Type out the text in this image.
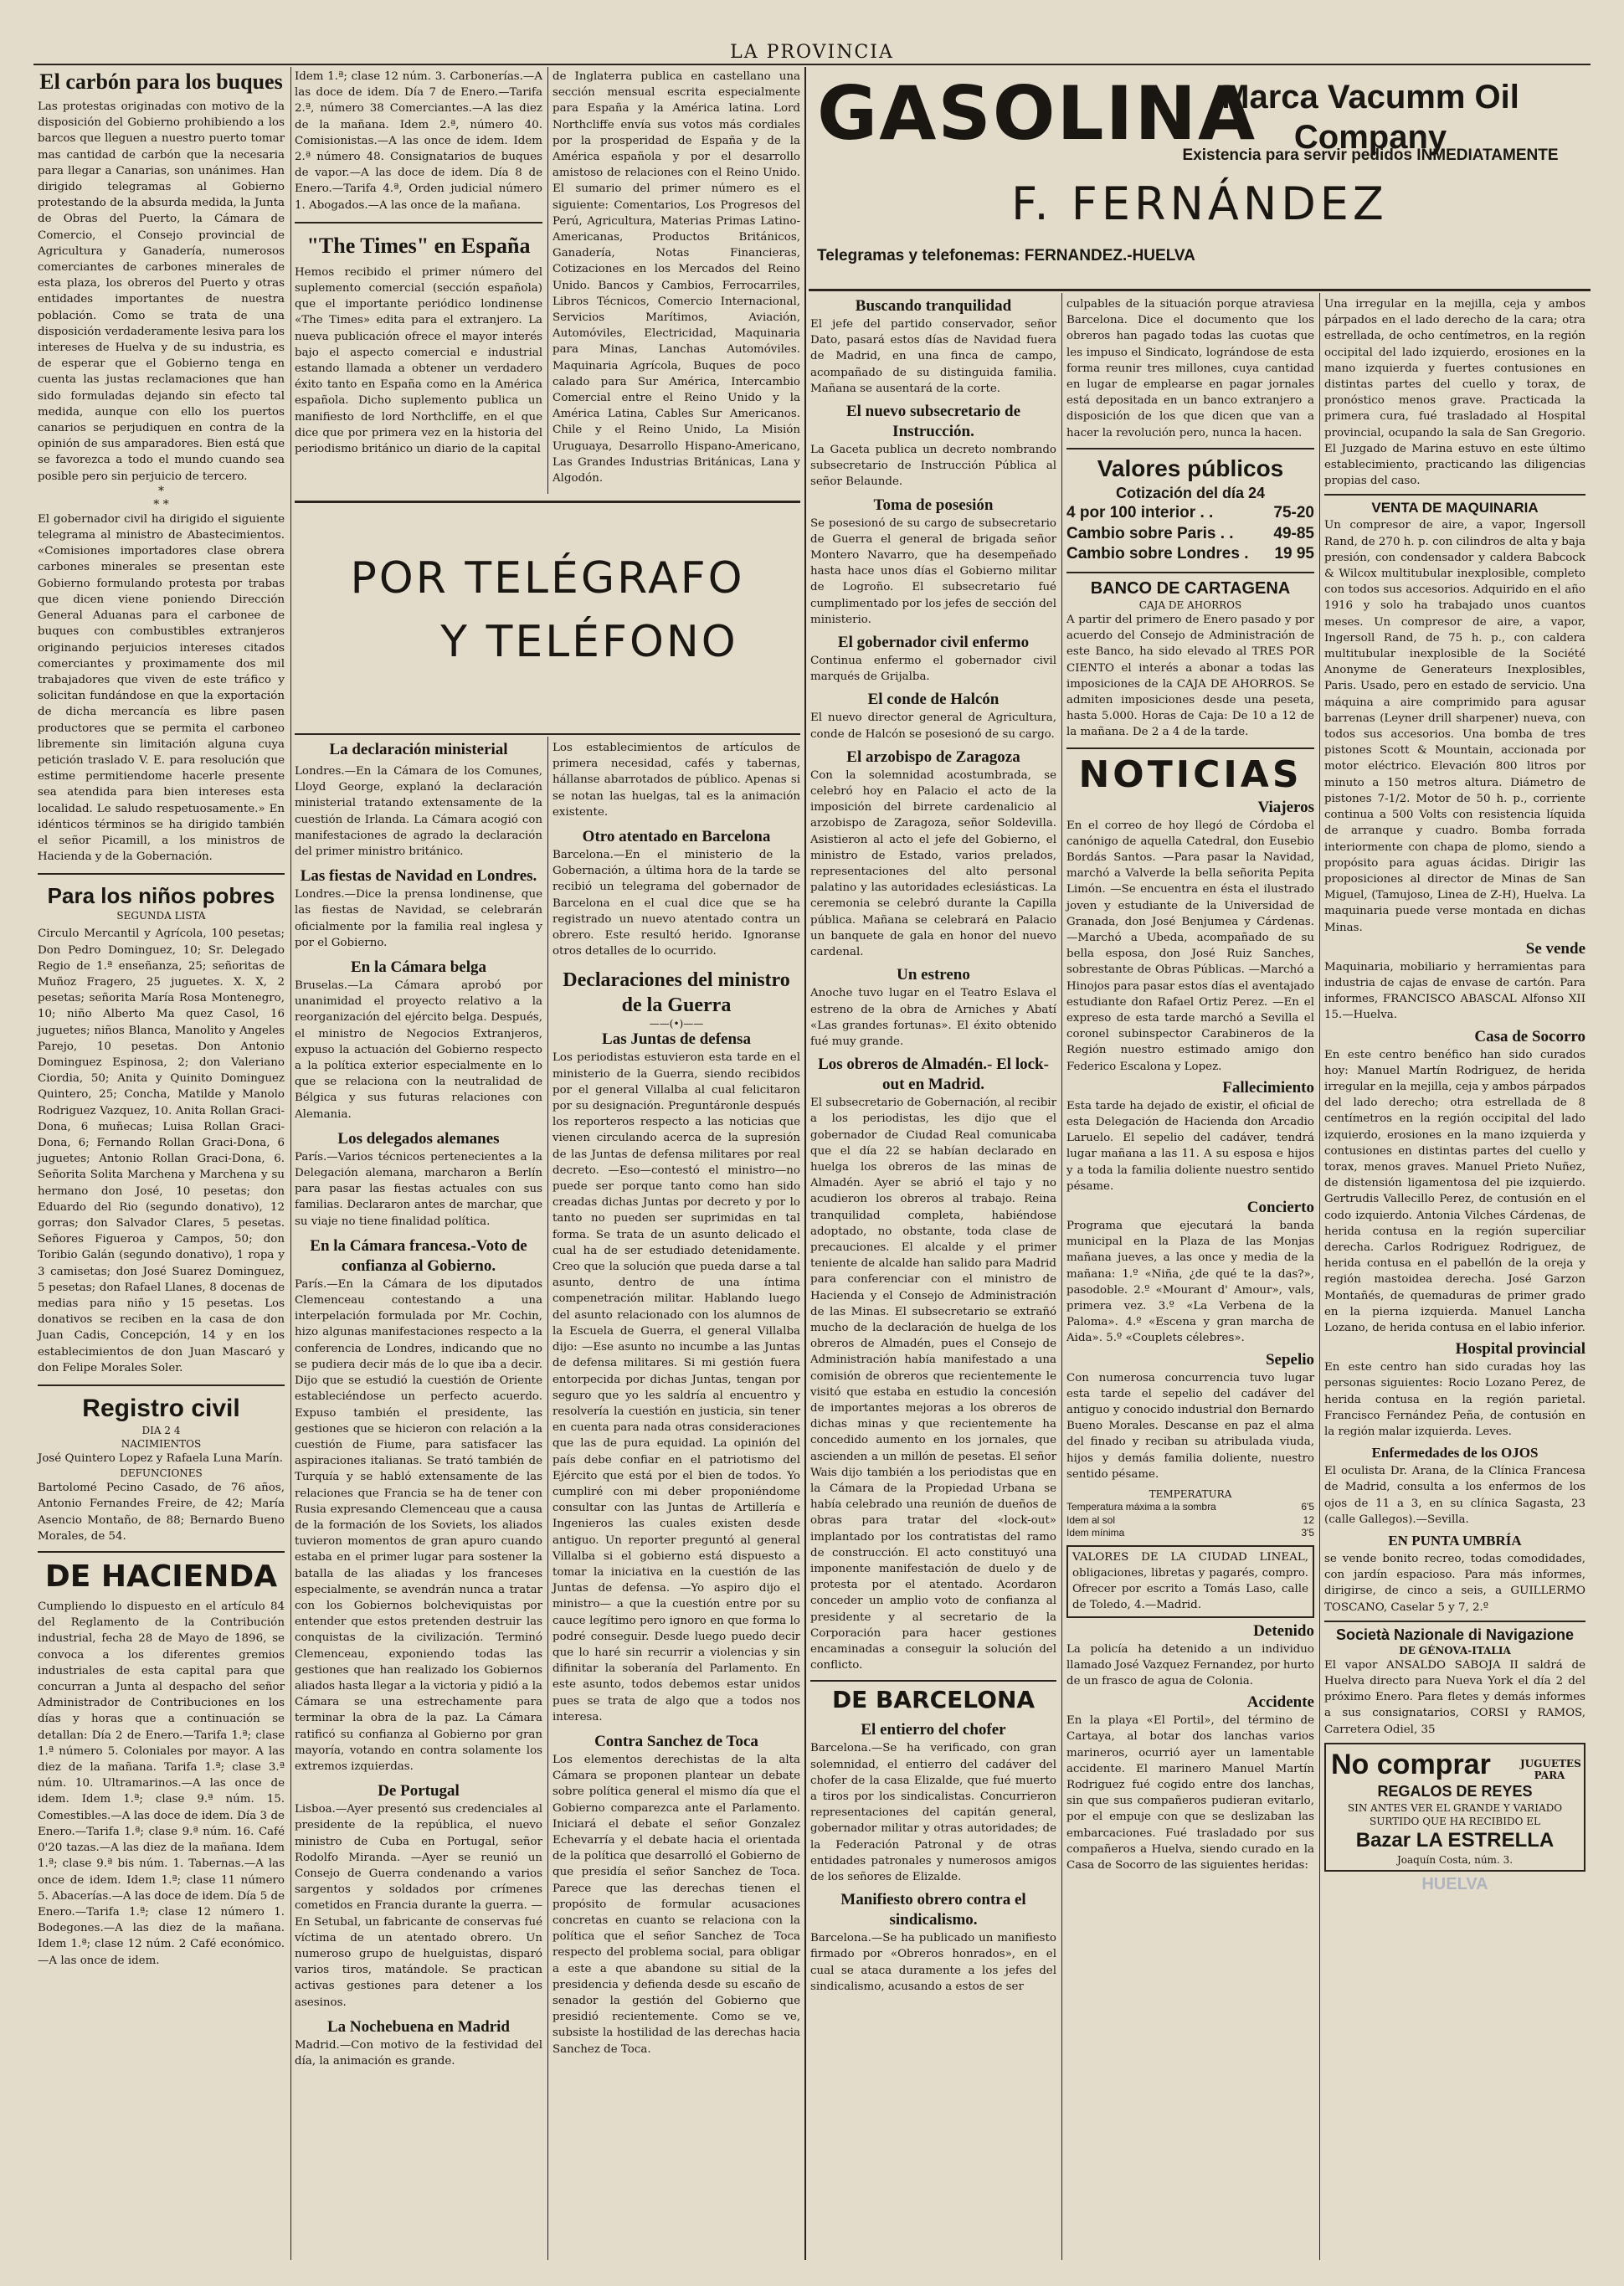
LA PROVINCIA
El carbón para los buques

Las protestas originadas con motivo de la disposición del Gobierno prohibiendo a los barcos que lleguen a nuestro puerto tomar mas cantidad de carbón que la necesaria para llegar a Canarias, son unánimes. Han dirigido telegramas al Gobierno protestando de la absurda medida, la Junta de Obras del Puerto, la Cámara de Comercio, el Consejo provincial de Agricultura y Ganadería, numerosos comerciantes de carbones minerales de esta plaza, los obreros del Puerto y otras entidades importantes de nuestra población. Como se trata de una disposición verdaderamente lesiva para los intereses de Huelva y de su industria, es de esperar que el Gobierno tenga en cuenta las justas reclamaciones que han sido formuladas dejando sin efecto tal medida, aunque con ello los puertos canarios se perjudiquen en contra de la opinión de sus amparadores. Bien está que se favorezca a todo el mundo cuando sea posible pero sin perjuicio de tercero.

*
* *

El gobernador civil ha dirigido el siguiente telegrama al ministro de Abastecimientos. «Comisiones importadores clase obrera carbones minerales se presentan este Gobierno formulando protesta por trabas que dicen viene poniendo Dirección General Aduanas para el carbonee de buques con combustibles extranjeros originando perjuicios intereses citados comerciantes y proximamente dos mil trabajadores que viven de este tráfico y solicitan fundándose en que la exportación de dicha mercancía es libre pasen productores que se permita el carboneo libremente sin limitación alguna cuya petición traslado V. E. para resolución que estime permitiendome hacerle presente sea atendida para bien intereses esta localidad. Le saludo respetuosamente.» En idénticos términos se ha dirigido también el señor Picamill, a los ministros de Hacienda y de la Gobernación.

Para los niños pobres
SEGUNDA LISTA

Circulo Mercantil y Agrícola, 100 pesetas; Don Pedro Dominguez, 10; Sr. Delegado Regio de 1.ª enseñanza, 25; señoritas de Muñoz Fragero, 25 juguetes. X. X, 2 pesetas; señorita María Rosa Montenegro, 10; niño Alberto Ma quez Casol, 16 juguetes; niños Blanca, Manolito y Angeles Parejo, 10 pesetas. Don Antonio Dominguez Espinosa, 2; don Valeriano Ciordia, 50; Anita y Quinito Dominguez Quintero, 25; Concha, Matilde y Manolo Rodriguez Vazquez, 10. Anita Rollan Graci-Dona, 6 muñecas; Luisa Rollan Graci-Dona, 6; Fernando Rollan Graci-Dona, 6 juguetes; Antonio Rollan Graci-Dona, 6. Señorita Solita Marchena y Marchena y su hermano don José, 10 pesetas; don Eduardo del Rio (segundo donativo), 12 gorras; don Salvador Clares, 5 pesetas. Señores Figueroa y Campos, 50; don Toribio Galán (segundo donativo), 1 ropa y 3 camisetas; don José Suarez Dominguez, 5 pesetas; don Rafael Llanes, 8 docenas de medias para niño y 15 pesetas. Los donativos se reciben en la casa de don Juan Cadis, Concepción, 14 y en los establecimientos de don Juan Mascaró y don Felipe Morales Soler.

Registro civil
DIA 2 4
NACIMIENTOS

José Quintero Lopez y Rafaela Luna Marín.

DEFUNCIONES

Bartolomé Pecino Casado, de 76 años, Antonio Fernandes Freire, de 42; María Asencio Montaño, de 88; Bernardo Bueno Morales, de 54.

DE HACIENDA

Cumpliendo lo dispuesto en el artículo 84 del Reglamento de la Contribución industrial, fecha 28 de Mayo de 1896, se convoca a los diferentes gremios industriales de esta capital para que concurran a Junta al despacho del señor Administrador de Contribuciones en los días y horas que a continuación se detallan: Día 2 de Enero.—Tarifa 1.ª; clase 1.ª número 5. Coloniales por mayor. A las diez de la mañana. Tarifa 1.ª; clase 3.ª núm. 10. Ultramarinos.—A las once de idem. Idem 1.ª; clase 9.ª núm. 15. Comestibles.—A las doce de idem. Día 3 de Enero.—Tarifa 1.ª; clase 9.ª núm. 16. Café 0'20 tazas.—A las diez de la mañana. Idem 1.ª; clase 9.ª bis núm. 1. Tabernas.—A las once de idem. Idem 1.ª; clase 11 número 5. Abacerías.—A las doce de idem. Día 5 de Enero.—Tarifa 1.ª; clase 12 número 1. Bodegones.—A las diez de la mañana. Idem 1.ª; clase 12 núm. 2 Café económico.—A las once de idem.

Idem 1.ª; clase 12 núm. 3. Carbonerías.—A las doce de idem. Día 7 de Enero.—Tarifa 2.ª, número 38 Comerciantes.—A las diez de la mañana. Idem 2.ª, número 40. Comisionistas.—A las once de idem. Idem 2.ª número 48. Consignatarios de buques de vapor.—A las doce de idem. Día 8 de Enero.—Tarifa 4.ª, Orden judicial número 1. Abogados.—A las once de la mañana.

"The Times" en España

Hemos recibido el primer número del suplemento comercial (sección española) que el importante periódico londinense «The Times» edita para el extranjero. La nueva publicación ofrece el mayor interés bajo el aspecto comercial e industrial estando llamada a obtener un verdadero éxito tanto en España como en la América española. Dicho suplemento publica un manifiesto de lord Northcliffe, en el que dice que por primera vez en la historia del periodismo británico un diario de la capital

de Inglaterra publica en castellano una sección mensual escrita especialmente para España y la América latina. Lord Northcliffe envía sus votos más cordiales por la prosperidad de España y de la América española y por el desarrollo amistoso de relaciones con el Reino Unido. El sumario del primer número es el siguiente: Comentarios, Los Progresos del Perú, Agricultura, Materias Primas Latino-Americanas, Productos Británicos, Ganadería, Notas Financieras, Cotizaciones en los Mercados del Reino Unido. Bancos y Cambios, Ferrocarriles, Libros Técnicos, Comercio Internacional, Servicios Marítimos, Aviación, Automóviles, Electricidad, Maquinaria para Minas, Lanchas Automóviles. Maquinaria Agrícola, Buques de poco calado para Sur América, Intercambio Comercial entre el Reino Unido y la América Latina, Cables Sur Americanos. Chile y el Reino Unido, La Misión Uruguaya, Desarrollo Hispano-Americano, Las Grandes Industrias Británicas, Lana y Algodón.

POR TELÉGRAFO
Y TELÉFONO
La declaración ministerial

Londres.—En la Cámara de los Comunes, Lloyd George, explanó la declaración ministerial tratando extensamente de la cuestión de Irlanda. La Cámara acogió con manifestaciones de agrado la declaración del primer ministro británico.

Las fiestas de Navidad en Londres.

Londres.—Dice la prensa londinense, que las fiestas de Navidad, se celebrarán oficialmente por la familia real inglesa y por el Gobierno.

En la Cámara belga

Bruselas.—La Cámara aprobó por unanimidad el proyecto relativo a la reorganización del ejército belga. Después, el ministro de Negocios Extranjeros, expuso la actuación del Gobierno respecto a la política exterior especialmente en lo que se relaciona con la neutralidad de Bélgica y sus futuras relaciones con Alemania.

Los delegados alemanes

París.—Varios técnicos pertenecientes a la Delegación alemana, marcharon a Berlín para pasar las fiestas actuales con sus familias. Declararon antes de marchar, que su viaje no tiene finalidad política.

En la Cámara francesa.-Voto de confianza al Gobierno.

París.—En la Cámara de los diputados Clemenceau contestando a una interpelación formulada por Mr. Cochin, hizo algunas manifestaciones respecto a la conferencia de Londres, indicando que no se pudiera decir más de lo que iba a decir. Dijo que se estudió la cuestión de Oriente estableciéndose un perfecto acuerdo. Expuso también el presidente, las gestiones que se hicieron con relación a la cuestión de Fiume, para satisfacer las aspiraciones italianas. Se trató también de Turquía y se habló extensamente de las relaciones que Francia se ha de tener con Rusia expresando Clemenceau que a causa de la formación de los Soviets, los aliados tuvieron momentos de gran apuro cuando estaba en el primer lugar para sostener la batalla de las aliadas y los franceses especialmente, se avendrán nunca a tratar con los Gobiernos bolcheviquistas por entender que estos pretenden destruir las conquistas de la civilización. Terminó Clemenceau, exponiendo todas las gestiones que han realizado los Gobiernos aliados hasta llegar a la victoria y pidió a la Cámara se una estrechamente para terminar la obra de la paz. La Cámara ratificó su confianza al Gobierno por gran mayoría, votando en contra solamente los extremos izquierdas.

De Portugal

Lisboa.—Ayer presentó sus credenciales al presidente de la república, el nuevo ministro de Cuba en Portugal, señor Rodolfo Miranda. —Ayer se reunió un Consejo de Guerra condenando a varios sargentos y soldados por crímenes cometidos en Francia durante la guerra. —En Setubal, un fabricante de conservas fué víctima de un atentado obrero. Un numeroso grupo de huelguistas, disparó varios tiros, matándole. Se practican activas gestiones para detener a los asesinos.

La Nochebuena en Madrid

Madrid.—Con motivo de la festividad del día, la animación es grande.

Los establecimientos de artículos de primera necesidad, cafés y tabernas, hállanse abarrotados de público. Apenas si se notan las huelgas, tal es la animación existente.

Otro atentado en Barcelona

Barcelona.—En el ministerio de la Gobernación, a última hora de la tarde se recibió un telegrama del gobernador de Barcelona en el cual dice que se ha registrado un nuevo atentado contra un obrero. Este resultó herido. Ignoranse otros detalles de lo ocurrido.

Declaraciones del ministro de la Guerra
——(•)——
Las Juntas de defensa

Los periodistas estuvieron esta tarde en el ministerio de la Guerra, siendo recibidos por el general Villalba al cual felicitaron por su designación. Preguntáronle después los reporteros respecto a las noticias que vienen circulando acerca de la supresión de las Juntas de defensa militares por real decreto. —Eso—contestó el ministro—no puede ser porque tanto como han sido creadas dichas Juntas por decreto y por lo tanto no pueden ser suprimidas en tal forma. Se trata de un asunto delicado el cual ha de ser estudiado detenidamente. Creo que la solución que pueda darse a tal asunto, dentro de una íntima compenetración militar. Hablando luego del asunto relacionado con los alumnos de la Escuela de Guerra, el general Villalba dijo: —Ese asunto no incumbe a las Juntas de defensa militares. Si mi gestión fuera entorpecida por dichas Juntas, tengan por seguro que yo les saldría al encuentro y resolvería la cuestión en justicia, sin tener en cuenta para nada otras consideraciones que las de pura equidad. La opinión del país debe confiar en el patriotismo del Ejército que está por el bien de todos. Yo cumpliré con mi deber proponiéndome consultar con las Juntas de Artillería e Ingenieros las cuales existen desde antiguo. Un reporter preguntó al general Villalba si el gobierno está dispuesto a tomar la iniciativa en la cuestión de las Juntas de defensa. —Yo aspiro dijo el ministro— a que la cuestión entre por su cauce legítimo pero ignoro en que forma lo podré conseguir. Desde luego puedo decir que lo haré sin recurrir a violencias y sin difinitar la soberanía del Parlamento. En este asunto, todos debemos estar unidos pues se trata de algo que a todos nos interesa.

Contra Sanchez de Toca

Los elementos derechistas de la alta Cámara se proponen plantear un debate sobre política general el mismo día que el Gobierno comparezca ante el Parlamento. Iniciará el debate el señor Gonzalez Echevarría y el debate hacia el orientada de la política que desarrolló el Gobierno de que presidía el señor Sanchez de Toca. Parece que las derechas tienen el propósito de formular acusaciones concretas en cuanto se relaciona con la política que el señor Sanchez de Toca respecto del problema social, para obligar a este a que abandone su sitial de la presidencia y defienda desde su escaño de senador la gestión del Gobierno que presidió recientemente. Como se ve, subsiste la hostilidad de las derechas hacia Sanchez de Toca.

GASOLINA
Marca Vacumm Oil Company
Existencia para servir pedidos INMEDIATAMENTE
F. FERNÁNDEZ
Telegramas y telefonemas: FERNANDEZ.-HUELVA
Buscando tranquilidad

El jefe del partido conservador, señor Dato, pasará estos días de Navidad fuera de Madrid, en una finca de campo, acompañado de su distinguida familia. Mañana se ausentará de la corte.

El nuevo subsecretario de Instrucción.

La Gaceta publica un decreto nombrando subsecretario de Instrucción Pública al señor Belaunde.

Toma de posesión

Se posesionó de su cargo de subsecretario de Guerra el general de brigada señor Montero Navarro, que ha desempeñado hasta hace unos días el Gobierno militar de Logroño. El subsecretario fué cumplimentado por los jefes de sección del ministerio.

El gobernador civil enfermo

Continua enfermo el gobernador civil marqués de Grijalba.

El conde de Halcón

El nuevo director general de Agricultura, conde de Halcón se posesionó de su cargo.

El arzobispo de Zaragoza

Con la solemnidad acostumbrada, se celebró hoy en Palacio el acto de la imposición del birrete cardenalicio al arzobispo de Zaragoza, señor Soldevilla. Asistieron al acto el jefe del Gobierno, el ministro de Estado, varios prelados, representaciones del alto personal palatino y las autoridades eclesiásticas. La ceremonia se celebró durante la Capilla pública. Mañana se celebrará en Palacio un banquete de gala en honor del nuevo cardenal.

Un estreno

Anoche tuvo lugar en el Teatro Eslava el estreno de la obra de Arniches y Abatí «Las grandes fortunas». El éxito obtenido fué muy grande.

Los obreros de Almadén.- El lock-out en Madrid.

El subsecretario de Gobernación, al recibir a los periodistas, les dijo que el gobernador de Ciudad Real comunicaba que el día 22 se habían declarado en huelga los obreros de las minas de Almadén. Ayer se abrió el tajo y no acudieron los obreros al trabajo. Reina tranquilidad completa, habiéndose adoptado, no obstante, toda clase de precauciones. El alcalde y el primer teniente de alcalde han salido para Madrid para conferenciar con el ministro de Hacienda y el Consejo de Administración de las Minas. El subsecretario se extrañó mucho de la declaración de huelga de los obreros de Almadén, pues el Consejo de Administración había manifestado a una comisión de obreros que recientemente le visitó que estaba en estudio la concesión de importantes mejoras a los obreros de dichas minas y que recientemente ha concedido aumento en los jornales, que ascienden a un millón de pesetas. El señor Wais dijo también a los periodistas que en la Cámara de la Propiedad Urbana se había celebrado una reunión de dueños de obras para tratar del «lock-out» implantado por los contratistas del ramo de construcción. El acto constituyó una imponente manifestación de duelo y de protesta por el atentado. Acordaron conceder un amplio voto de confianza al presidente y al secretario de la Corporación para hacer gestiones encaminadas a conseguir la solución del conflicto.

DE BARCELONA
El entierro del chofer

Barcelona.—Se ha verificado, con gran solemnidad, el entierro del cadáver del chofer de la casa Elizalde, que fué muerto a tiros por los sindicalistas. Concurrieron representaciones del capitán general, gobernador militar y otras autoridades; de la Federación Patronal y de otras entidades patronales y numerosos amigos de los señores de Elizalde.

Manifiesto obrero contra el sindicalismo.

Barcelona.—Se ha publicado un manifiesto firmado por «Obreros honrados», en el cual se ataca duramente a los jefes del sindicalismo, acusando a estos de ser

culpables de la situación porque atraviesa Barcelona. Dice el documento que los obreros han pagado todas las cuotas que les impuso el Sindicato, lográndose de esta forma reunir tres millones, cuya cantidad en lugar de emplearse en pagar jornales está depositada en un banco extranjero a disposición de los que dicen que van a hacer la revolución pero, nunca la hacen.

Valores públicos
Cotización del día 24
4 por 100 interior . .	75-20
Cambio sobre Paris . .	49-85
Cambio sobre Londres . 19 95
BANCO DE CARTAGENA
CAJA DE AHORROS

A partir del primero de Enero pasado y por acuerdo del Consejo de Administración de este Banco, ha sido elevado al TRES POR CIENTO el interés a abonar a todas las imposiciones de la CAJA DE AHORROS. Se admiten imposiciones desde una peseta, hasta 5.000. Horas de Caja: De 10 a 12 de la mañana. De 2 a 4 de la tarde.

NOTICIAS
Viajeros

En el correo de hoy llegó de Córdoba el canónigo de aquella Catedral, don Eusebio Bordás Santos. —Para pasar la Navidad, marchó a Valverde la bella señorita Pepita Limón. —Se encuentra en ésta el ilustrado joven y estudiante de la Universidad de Granada, don José Benjumea y Cárdenas. —Marchó a Ubeda, acompañado de su bella esposa, don José Ruiz Sanches, sobrestante de Obras Públicas. —Marchó a Hinojos para pasar estos días el aventajado estudiante don Rafael Ortiz Perez. —En el expreso de esta tarde marchó a Sevilla el coronel subinspector Carabineros de la Región nuestro estimado amigo don Federico Escalona y Lopez.

Fallecimiento

Esta tarde ha dejado de existir, el oficial de esta Delegación de Hacienda don Arcadio Laruelo. El sepelio del cadáver, tendrá lugar mañana a las 11. A su esposa e hijos y a toda la familia doliente nuestro sentido pésame.

Concierto

Programa que ejecutará la banda municipal en la Plaza de las Monjas mañana jueves, a las once y media de la mañana: 1.º «Niña, ¿de qué te la das?», pasodoble. 2.º «Mourant d' Amour», vals, primera vez. 3.º «La Verbena de la Paloma». 4.º «Escena y gran marcha de Aida». 5.º «Couplets célebres».

Sepelio

Con numerosa concurrencia tuvo lugar esta tarde el sepelio del cadáver del antiguo y conocido industrial don Bernardo Bueno Morales. Descanse en paz el alma del finado y reciban su atribulada viuda, hijos y demás familia doliente, nuestro sentido pésame.

TEMPERATURA
Temperatura máxima a la sombra	6'5
Idem al sol	12
Idem mínima	3'5

VALORES DE LA CIUDAD LINEAL, obligaciones, libretas y pagarés, compro. Ofrecer por escrito a Tomás Laso, calle de Toledo, 4.—Madrid.

Detenido

La policía ha detenido a un individuo llamado José Vazquez Fernandez, por hurto de un frasco de agua de Colonia.

Accidente

En la playa «El Portil», del término de Cartaya, al botar dos lanchas varios marineros, ocurrió ayer un lamentable accidente. El marinero Manuel Martín Rodriguez fué cogido entre dos lanchas, sin que sus compañeros pudieran evitarlo, por el empuje con que se deslizaban las embarcaciones. Fué trasladado por sus compañeros a Huelva, siendo curado en la Casa de Socorro de las siguientes heridas:

Una irregular en la mejilla, ceja y ambos párpados en el lado derecho de la cara; otra estrellada, de ocho centímetros, en la región occipital del lado izquierdo, erosiones en la mano izquierda y fuertes contusiones en distintas partes del cuello y torax, de pronóstico menos grave. Practicada la primera cura, fué trasladado al Hospital provincial, ocupando la sala de San Gregorio. El Juzgado de Marina estuvo en este último establecimiento, practicando las diligencias propias del caso.

VENTA DE MAQUINARIA

Un compresor de aire, a vapor, Ingersoll Rand, de 270 h. p. con cilindros de alta y baja presión, con condensador y caldera Babcock & Wilcox multitubular inexplosible, completo con todos sus accesorios. Adquirido en el año 1916 y solo ha trabajado unos cuantos meses. Un compresor de aire, a vapor, Ingersoll Rand, de 75 h. p., con caldera multitubular inexplosible de la Société Anonyme de Generateurs Inexplosibles, Paris. Usado, pero en estado de servicio. Una máquina a aire comprimido para agusar barrenas (Leyner drill sharpener) nueva, con todos sus accesorios. Una bomba de tres pistones Scott & Mountain, accionada por motor eléctrico. Elevación 800 litros por minuto a 150 metros altura. Diámetro de pistones 7-1/2. Motor de 50 h. p., corriente continua a 500 Volts con resistencia líquida de arranque y cuadro. Bomba forrada interiormente con chapa de plomo, siendo a propósito para aguas ácidas. Dirigir las proposiciones al director de Minas de San Miguel, (Tamujoso, Linea de Z-H), Huelva. La maquinaria puede verse montada en dichas Minas.

Se vende

Maquinaria, mobiliario y herramientas para industria de cajas de envase de cartón. Para informes, FRANCISCO ABASCAL Alfonso XII 15.—Huelva.

Casa de Socorro

En este centro benéfico han sido curados hoy: Manuel Martín Rodriguez, de herida irregular en la mejilla, ceja y ambos párpados del lado derecho; otra estrellada de 8 centímetros en la región occipital del lado izquierdo, erosiones en la mano izquierda y contusiones en distintas partes del cuello y torax, menos graves. Manuel Prieto Nuñez, de distensión ligamentosa del pie izquierdo. Gertrudis Vallecillo Perez, de contusión en el codo izquierdo. Antonia Vilches Cárdenas, de herida contusa en la región superciliar derecha. Carlos Rodriguez Rodriguez, de herida contusa en el pabellón de la oreja y región mastoidea derecha. José Garzon Montañés, de quemaduras de primer grado en la pierna izquierda. Manuel Lancha Lozano, de herida contusa en el labio inferior.

Hospital provincial

En este centro han sido curadas hoy las personas siguientes: Rocio Lozano Perez, de herida contusa en la región parietal. Francisco Fernández Peña, de contusión en la región malar izquierda. Leves.

Enfermedades de los OJOS

El oculista Dr. Arana, de la Clínica Francesa de Madrid, consulta a los enfermos de los ojos de 11 a 3, en su clínica Sagasta, 23 (calle Gallegos).—Sevilla.

EN PUNTA UMBRÍA

se vende bonito recreo, todas comodidades, con jardín espacioso. Para más informes, dirigirse, de cinco a seis, a GUILLERMO TOSCANO, Caselar 5 y 7, 2.º

Società Nazionale di Navigazione
DE GÉNOVA-ITALIA

El vapor ANSALDO SABOJA II saldrá de Huelva directo para Nueva York el día 2 del próximo Enero. Para fletes y demás informes a sus consignatarios, CORSI y RAMOS, Carretera Odiel, 35

No comprar	JUGUETES PARA
REGALOS DE REYES
SIN ANTES VER EL GRANDE Y VARIADO SURTIDO QUE HA RECIBIDO EL
Bazar LA ESTRELLA
Joaquín Costa, núm. 3.
HUELVA
